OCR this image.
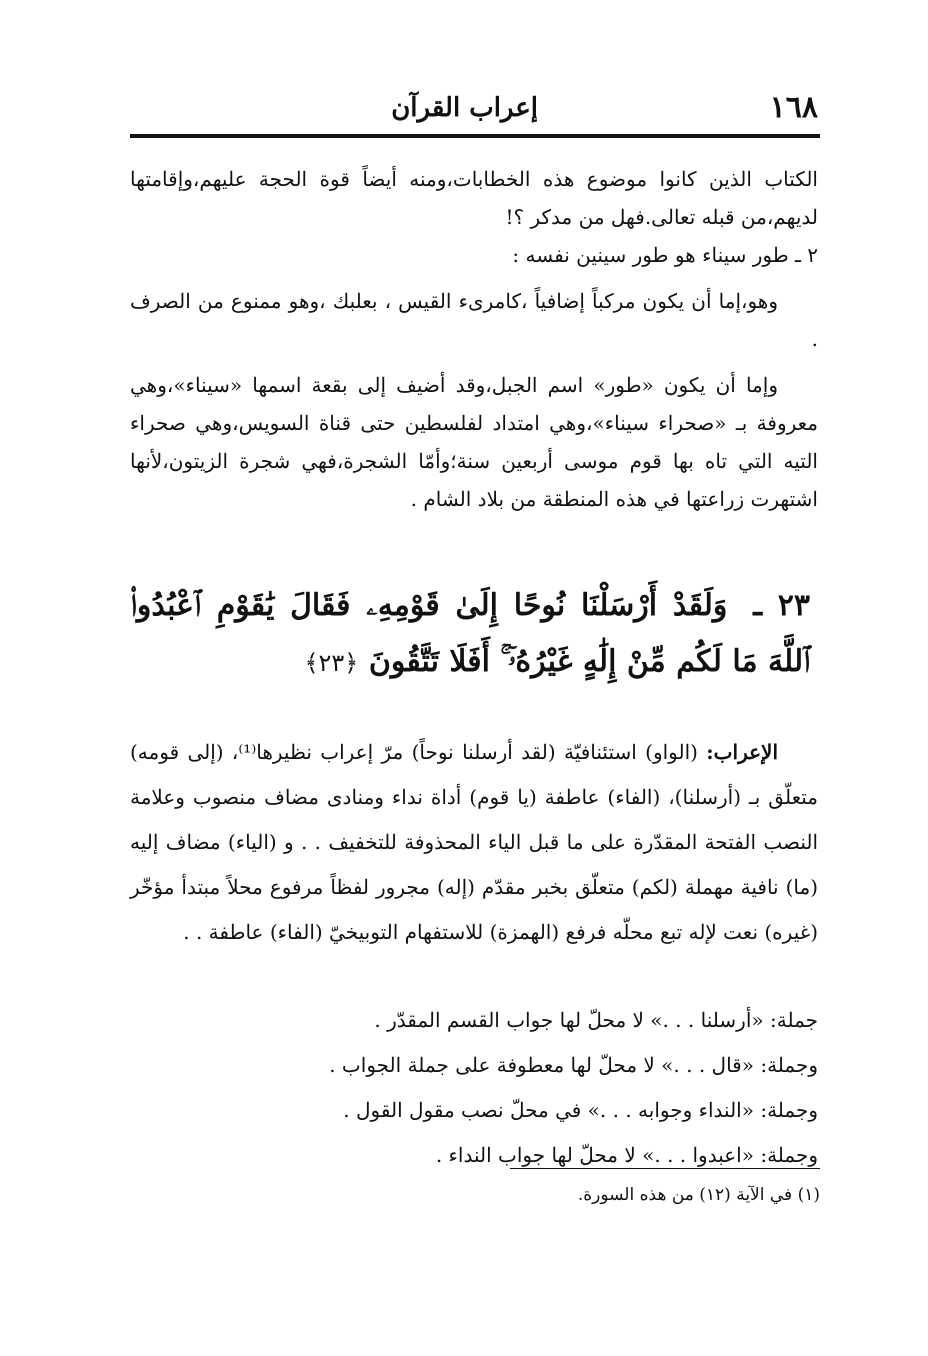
١٦٨
إعراب القرآن

الكتاب الذين كانوا موضوع هذه الخطابات،ومنه أيضاً قوة الحجة عليهم،وإقامتها لديهم،من قبله تعالى.فهل من مدكر ؟!

٢ ـ طور سيناء هو طور سينين نفسه :

وهو،إما أن يكون مركباً إضافياً ،كامرىء القيس ، بعلبك ،وهو ممنوع من الصرف .

وإما أن يكون «طور» اسم الجبل،وقد أضيف إلى بقعة اسمها «سيناء»،وهي معروفة بـ «صحراء سيناء»،وهي امتداد لفلسطين حتى قناة السويس،وهي صحراء التيه التي تاه بها قوم موسى أربعين سنة؛وأمّا الشجرة،فهي شجرة الزيتون،لأنها اشتهرت زراعتها في هذه المنطقة من بلاد الشام .

٢٣ ـ وَلَقَدْ أَرْسَلْنَا نُوحًا إِلَىٰ قَوْمِهِۦ فَقَالَ يَٰقَوْمِ ٱعْبُدُوا۟ ٱللَّهَ مَا لَكُم مِّنْ إِلَٰهٍ غَيْرُهُۥٓ ۚ أَفَلَا تَتَّقُونَ ﴿٢٣﴾

الإعراب: (الواو) استئنافيّة (لقد أرسلنا نوحاً) مرّ إعراب نظيرها⁽¹⁾، (إلى قومه) متعلّق بـ (أرسلنا)، (الفاء) عاطفة (يا قوم) أداة نداء ومنادى مضاف منصوب وعلامة النصب الفتحة المقدّرة على ما قبل الياء المحذوفة للتخفيف . . و (الياء) مضاف إليه (ما) نافية مهملة (لكم) متعلّق بخبر مقدّم (إله) مجرور لفظاً مرفوع محلاً مبتدأ مؤخّر (غيره) نعت لإله تبع محلّه فرفع (الهمزة) للاستفهام التوبيخيّ (الفاء) عاطفة . .

جملة: «أرسلنا . . .» لا محلّ لها جواب القسم المقدّر .
وجملة: «قال . . .» لا محلّ لها معطوفة على جملة الجواب .
وجملة: «النداء وجوابه . . .» في محلّ نصب مقول القول .
وجملة: «اعبدوا . . .» لا محلّ لها جواب النداء .
(١) في الآية (١٢) من هذه السورة.
